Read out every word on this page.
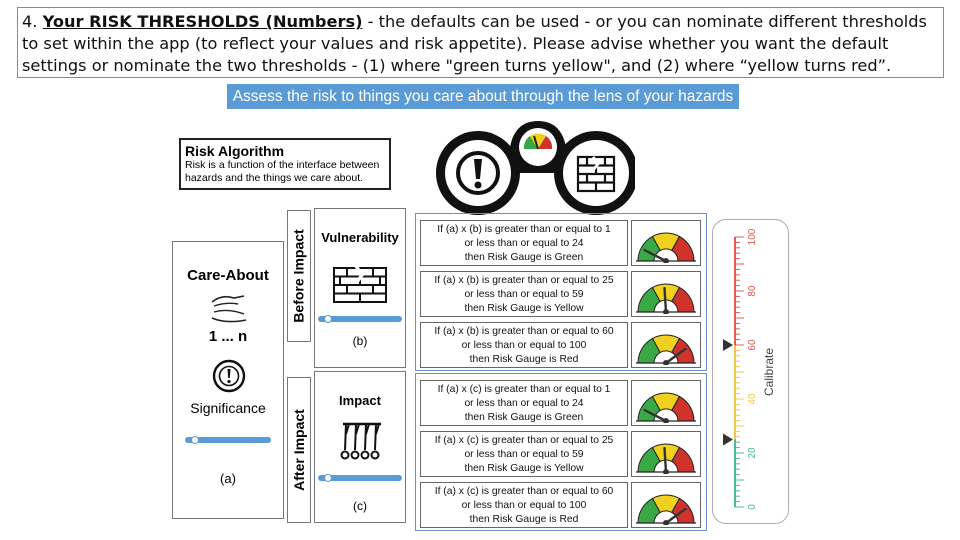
4. Your RISK THRESHOLDS (Numbers) - the defaults can be used - or you can nominate different thresholds to set within the app (to reflect your values and risk appetite). Please advise whether you want the default settings or nominate the two thresholds - (1) where "green turns yellow", and (2) where “yellow turns red”.
Assess the risk to things you care about through the lens of your hazards
Risk Algorithm
Risk is a function of the interface between hazards and the things we care about.
Care-About
1 ... n
Significance
(a)
Before Impact
After Impact
Vulnerability
(b)
Impact
(c)
If (a) x (b) is greater than or equal to 1
or less than or equal to 24
then Risk Gauge is Green
If (a) x (b) is greater than or equal to 25
or less than or equal to 59
then Risk Gauge is Yellow
If (a) x (b) is greater than or equal to 60
or less than or equal to 100
then Risk Gauge is Red
If (a) x (c) is greater than or equal to 1
or less than or equal to 24
then Risk Gauge is Green
If (a) x (c) is greater than or equal to 25
or less than or equal to 59
then Risk Gauge is Yellow
If (a) x (c) is greater than or equal to 60
or less than or equal to 100
then Risk Gauge is Red
100
80
60
40
20
0
Calibrate
